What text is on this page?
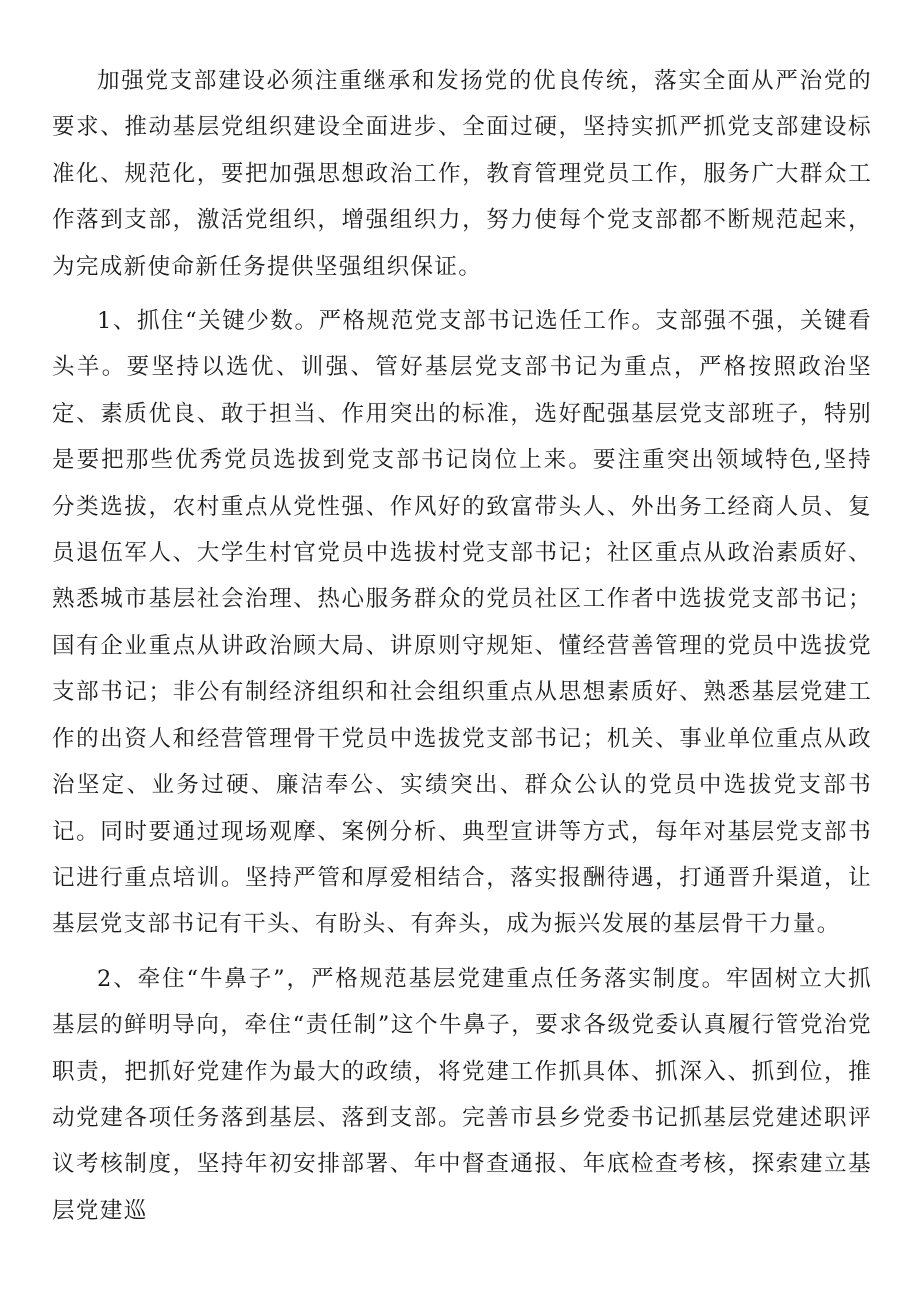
加强党支部建设必须注重继承和发扬党的优良传统，落实全面从严治党的要求、推动基层党组织建设全面进步、全面过硬，坚持实抓严抓党支部建设标准化、规范化，要把加强思想政治工作，教育管理党员工作，服务广大群众工作落到支部，激活党组织，增强组织力，努力使每个党支部都不断规范起来，为完成新使命新任务提供坚强组织保证。

1、抓住“关键少数。严格规范党支部书记选任工作。支部强不强，关键看头羊。要坚持以选优、训强、管好基层党支部书记为重点，严格按照政治坚定、素质优良、敢于担当、作用突出的标准，选好配强基层党支部班子，特别是要把那些优秀党员选拔到党支部书记岗位上来。要注重突出领域特色,坚持分类选拔，农村重点从党性强、作风好的致富带头人、外出务工经商人员、复员退伍军人、大学生村官党员中选拔村党支部书记；社区重点从政治素质好、熟悉城市基层社会治理、热心服务群众的党员社区工作者中选拔党支部书记；国有企业重点从讲政治顾大局、讲原则守规矩、懂经营善管理的党员中选拔党支部书记；非公有制经济组织和社会组织重点从思想素质好、熟悉基层党建工作的出资人和经营管理骨干党员中选拔党支部书记；机关、事业单位重点从政治坚定、业务过硬、廉洁奉公、实绩突出、群众公认的党员中选拔党支部书记。同时要通过现场观摩、案例分析、典型宣讲等方式，每年对基层党支部书记进行重点培训。坚持严管和厚爱相结合，落实报酬待遇，打通晋升渠道，让基层党支部书记有干头、有盼头、有奔头，成为振兴发展的基层骨干力量。

2、牵住“牛鼻子”，严格规范基层党建重点任务落实制度。牢固树立大抓基层的鲜明导向，牵住“责任制”这个牛鼻子，要求各级党委认真履行管党治党职责，把抓好党建作为最大的政绩，将党建工作抓具体、抓深入、抓到位，推动党建各项任务落到基层、落到支部。完善市县乡党委书记抓基层党建述职评议考核制度，坚持年初安排部署、年中督查通报、年底检查考核，探索建立基层党建巡
